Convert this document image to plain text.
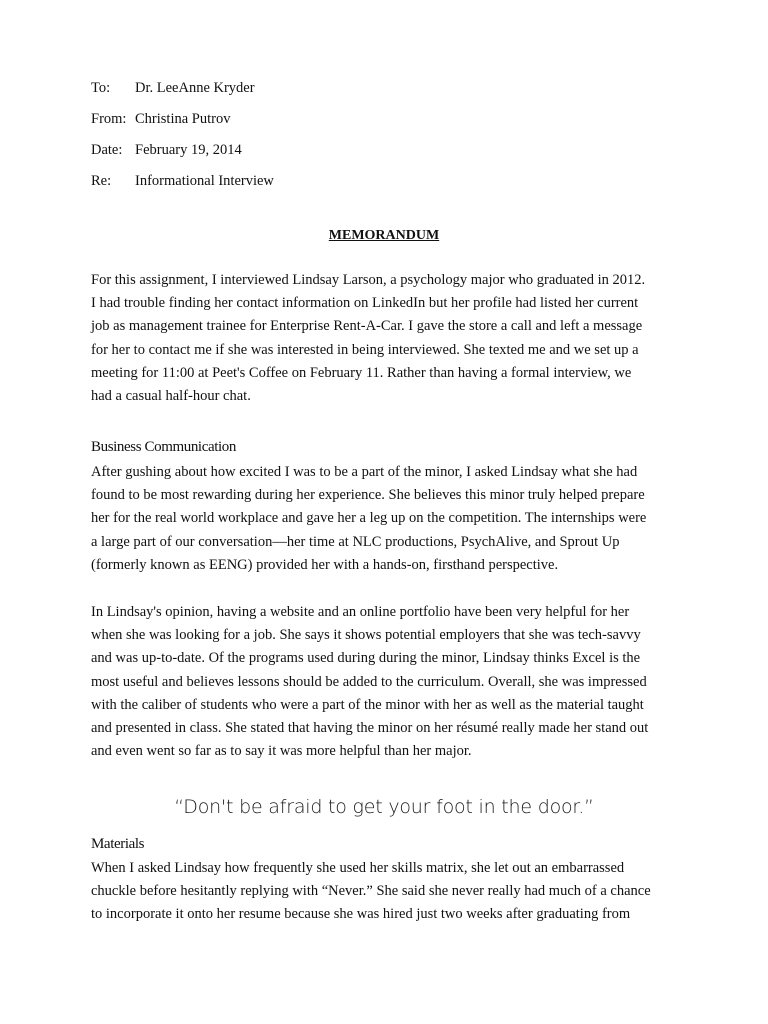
To:	Dr. LeeAnne Kryder
From: Christina Putrov
Date: February 19, 2014
Re:	Informational Interview
MEMORANDUM

For this assignment, I interviewed Lindsay Larson, a psychology major who graduated in 2012.
I had trouble finding her contact information on LinkedIn but her profile had listed her current
job as management trainee for Enterprise Rent-A-Car. I gave the store a call and left a message
for her to contact me if she was interested in being interviewed. She texted me and we set up a
meeting for 11:00 at Peet's Coffee on February 11. Rather than having a formal interview, we
had a casual half-hour chat.

Business Communication

After gushing about how excited I was to be a part of the minor, I asked Lindsay what she had
found to be most rewarding during her experience. She believes this minor truly helped prepare
her for the real world workplace and gave her a leg up on the competition. The internships were
a large part of our conversation—her time at NLC productions, PsychAlive, and Sprout Up
(formerly known as EENG) provided her with a hands-on, firsthand perspective.

In Lindsay's opinion, having a website and an online portfolio have been very helpful for her
when she was looking for a job. She says it shows potential employers that she was tech-savvy
and was up-to-date. Of the programs used during during the minor, Lindsay thinks Excel is the
most useful and believes lessons should be added to the curriculum. Overall, she was impressed
with the caliber of students who were a part of the minor with her as well as the material taught
and presented in class. She stated that having the minor on her résumé really made her stand out
and even went so far as to say it was more helpful than her major.

“Don't be afraid to get your foot in the door.”
Materials

When I asked Lindsay how frequently she used her skills matrix, she let out an embarrassed
chuckle before hesitantly replying with “Never.” She said she never really had much of a chance
to incorporate it onto her resume because she was hired just two weeks after graduating from
